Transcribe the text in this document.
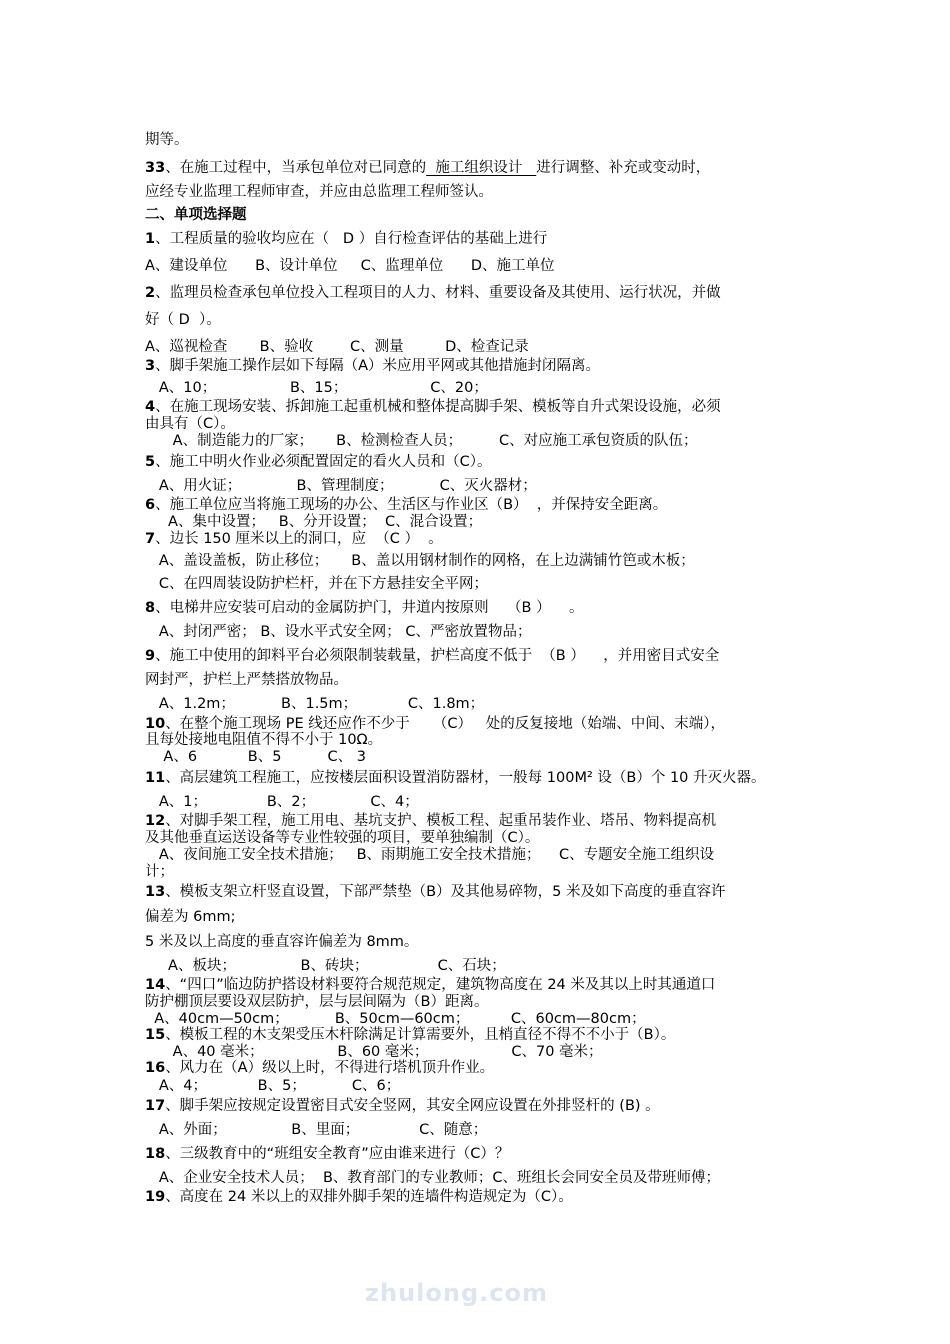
期等。
33、在施工过程中，当承包单位对已同意的  施工组织设计   进行调整、补充或变动时，
应经专业监理工程师审查，并应由总监理工程师签认。
二、单项选择题
1、工程质量的验收均应在（   D ）自行检查评估的基础上进行
A、建设单位      B、设计单位     C、监理单位      D、施工单位
2、监理员检查承包单位投入工程项目的人力、材料、重要设备及其使用、运行状况，并做
好（ D  ）。
A、巡视检查       B、验收        C、测量         D、检查记录
3、脚手架施工操作层如下每隔（A）米应用平网或其他措施封闭隔离。
A、10；                B、15；                  C、20；
4、在施工现场安装、拆卸施工起重机械和整体提高脚手架、模板等自升式架设设施，必须
由具有（C）。
A、制造能力的厂家；     B、检测检查人员；        C、对应施工承包资质的队伍；
5、施工中明火作业必须配置固定的看火人员和（C）。
A、用火证；            B、管理制度；          C、灭火器材；
6、施工单位应当将施工现场的办公、生活区与作业区（B）  ，并保持安全距离。
A、集中设置；   B、分开设置；  C、混合设置；
7、边长 150 厘米以上的洞口，应  （C ）  。
A、盖设盖板，防止移位；     B、盖以用钢材制作的网格，在上边满铺竹笆或木板；
C、在四周装设防护栏杆，并在下方悬挂安全平网；
8、电梯井应安装可启动的金属防护门，井道内按原则    （B ）    。
A、封闭严密； B、设水平式安全网； C、严密放置物品；
9、施工中使用的卸料平台必须限制装载量，护栏高度不低于  （B ）    ，并用密目式安全
网封严，护栏上严禁搭放物品。
A、1.2m；          B、1.5m；           C、1.8m；
10、在整个施工现场 PE 线还应作不少于     （C）   处的反复接地（始端、中间、末端），
且每处接地电阻值不得不小于 10Ω。
A、6           B、5          C、 3
11、高层建筑工程施工，应按楼层面积设置消防器材，一般每 100M² 设（B）个 10 升灭火器。
A、1；             B、2；            C、4；
12、对脚手架工程，施工用电、基坑支护、模板工程、起重吊装作业、塔吊、物料提高机
及其他垂直运送设备等专业性较强的项目，要单独编制（C）。
A、夜间施工安全技术措施；   B、雨期施工安全技术措施；    C、专题安全施工组织设
计；
13、模板支架立杆竖直设置，下部严禁垫（B）及其他易碎物，5 米及如下高度的垂直容许
偏差为 6mm;
5 米及以上高度的垂直容许偏差为 8mm。
A、板块；              B、砖块；               C、石块；
14、“四口”临边防护搭设材料要符合规范规定，建筑物高度在 24 米及其以上时其通道口
防护棚顶层要设双层防护，层与层间隔为（B）距离。
A、40cm—50cm；          B、50cm—60cm；         C、60cm—80cm；
15、模板工程的木支架受压木杆除满足计算需要外，且梢直径不得不不小于（B）。
A、40 毫米；                B、60 毫米；                  C、70 毫米；
16、风力在（A）级以上时，不得进行塔机顶升作业。
A、4；           B、5；          C、6；
17、脚手架应按规定设置密目式安全竖网，其安全网应设置在外排竖杆的 (B) 。
A、外面；              B、里面；             C、随意；
18、三级教育中的“班组安全教育”应由谁来进行（C）？
A、企业安全技术人员；  B、教育部门的专业教师；C、班组长会同安全员及带班师傅；
19、高度在 24 米以上的双排外脚手架的连墙件构造规定为（C）。
zhulong.com
